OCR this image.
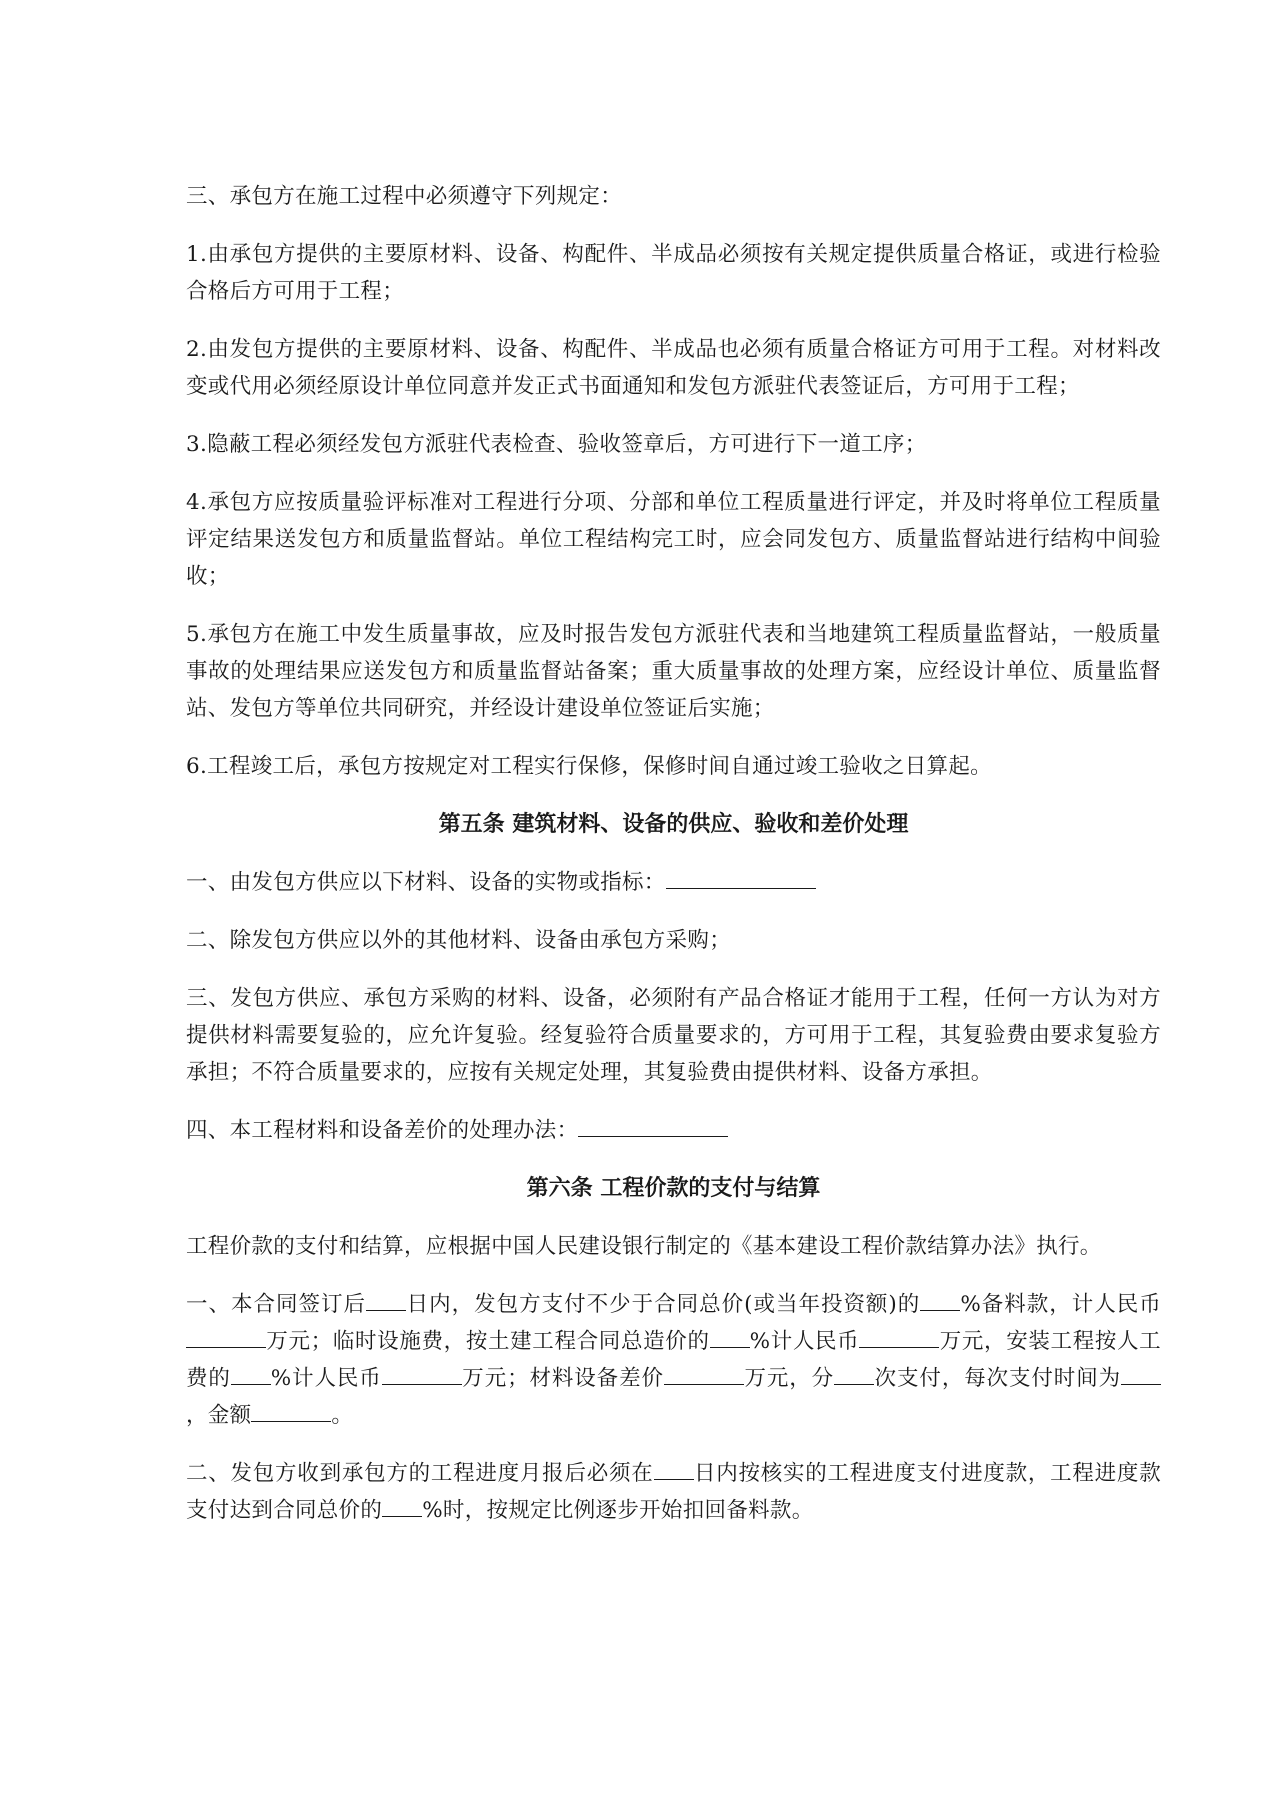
三、承包方在施工过程中必须遵守下列规定：

1.由承包方提供的主要原材料、设备、构配件、半成品必须按有关规定提供质量合格证，或进行检验合格后方可用于工程；

2.由发包方提供的主要原材料、设备、构配件、半成品也必须有质量合格证方可用于工程。对材料改变或代用必须经原设计单位同意并发正式书面通知和发包方派驻代表签证后，方可用于工程；

3.隐蔽工程必须经发包方派驻代表检查、验收签章后，方可进行下一道工序；

4.承包方应按质量验评标准对工程进行分项、分部和单位工程质量进行评定，并及时将单位工程质量评定结果送发包方和质量监督站。单位工程结构完工时，应会同发包方、质量监督站进行结构中间验收；

5.承包方在施工中发生质量事故，应及时报告发包方派驻代表和当地建筑工程质量监督站，一般质量事故的处理结果应送发包方和质量监督站备案；重大质量事故的处理方案，应经设计单位、质量监督站、发包方等单位共同研究，并经设计建设单位签证后实施；

6.工程竣工后，承包方按规定对工程实行保修，保修时间自通过竣工验收之日算起。

第五条 建筑材料、设备的供应、验收和差价处理

一、由发包方供应以下材料、设备的实物或指标：

二、除发包方供应以外的其他材料、设备由承包方采购；

三、发包方供应、承包方采购的材料、设备，必须附有产品合格证才能用于工程，任何一方认为对方提供材料需要复验的，应允许复验。经复验符合质量要求的，方可用于工程，其复验费由要求复验方承担；不符合质量要求的，应按有关规定处理，其复验费由提供材料、设备方承担。

四、本工程材料和设备差价的处理办法：

第六条 工程价款的支付与结算

工程价款的支付和结算，应根据中国人民建设银行制定的《基本建设工程价款结算办法》执行。

一、本合同签订后 日内，发包方支付不少于合同总价(或当年投资额)的 %备料款，计人民币万元；临时设施费，按土建工程合同总造价的 %计人民币	万元，安装工程按人工费的 %计人民币	万元；材料设备差价	万元，分 次支付，每次支付时间为，金额	。

二、发包方收到承包方的工程进度月报后必须在 日内按核实的工程进度支付进度款，工程进度款支付达到合同总价的 %时，按规定比例逐步开始扣回备料款。
